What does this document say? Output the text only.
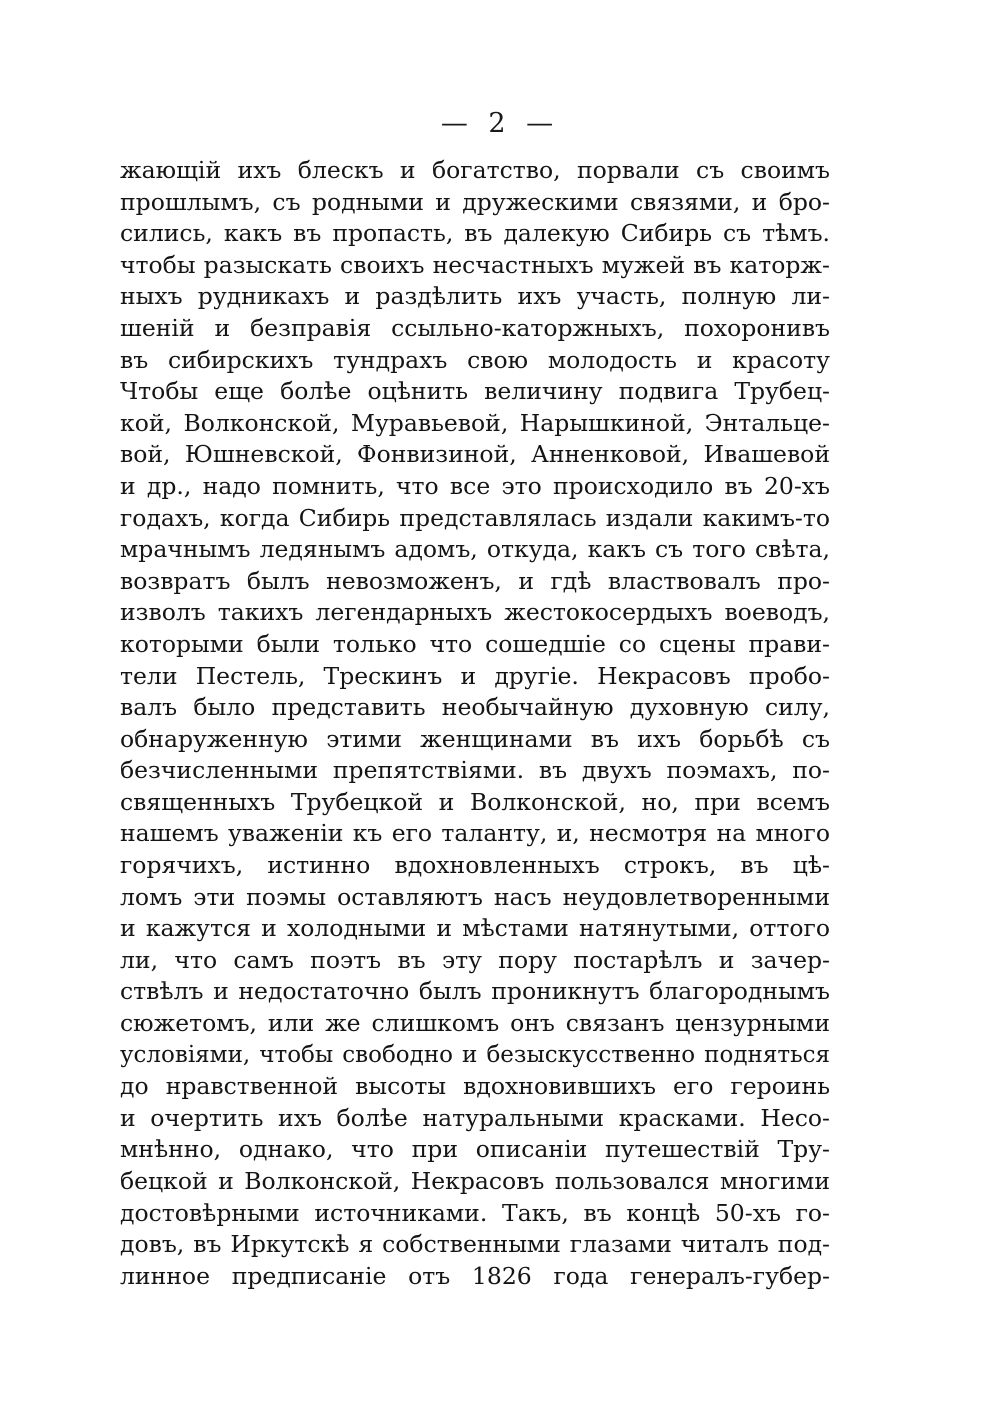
— 2 —
жающій ихъ блескъ и богатство, порвали съ своимъ
прошлымъ, съ родными и дружескими связями, и бро-
сились, какъ въ пропасть, въ далекую Сибирь съ тѣмъ.
чтобы разыскать своихъ несчастныхъ мужей въ каторж-
ныхъ рудникахъ и раздѣлить ихъ участь, полную ли-
шеній и безправія ссыльно-каторжныхъ, похоронивъ
въ сибирскихъ тундрахъ свою молодость и красоту
Чтобы еще болѣе оцѣнить величину подвига Трубец-
кой, Волконской, Муравьевой, Нарышкиной, Энтальце-
вой, Юшневской, Фонвизиной, Анненковой, Ивашевой
и др., надо помнить, что все это происходило въ 20-хъ
годахъ, когда Сибирь представлялась издали какимъ-то
мрачнымъ ледянымъ адомъ, откуда, какъ съ того свѣта,
возвратъ былъ невозможенъ, и гдѣ властвовалъ про-
изволъ такихъ легендарныхъ жестокосердыхъ воеводъ,
которыми были только что сошедшіе со сцены прави-
тели Пестель, Трескинъ и другіе. Некрасовъ пробо-
валъ было представить необычайную духовную силу,
обнаруженную этими женщинами въ ихъ борьбѣ съ
безчисленными препятствіями. въ двухъ поэмахъ, по-
священныхъ Трубецкой и Волконской, но, при всемъ
нашемъ уваженіи къ его таланту, и, несмотря на много
горячихъ, истинно вдохновленныхъ строкъ, въ цѣ-
ломъ эти поэмы оставляютъ насъ неудовлетворенными
и кажутся и холодными и мѣстами натянутыми, оттого
ли, что самъ поэтъ въ эту пору постарѣлъ и зачер-
ствѣлъ и недостаточно былъ проникнутъ благороднымъ
сюжетомъ, или же слишкомъ онъ связанъ цензурными
условіями, чтобы свободно и безыскусственно подняться
до нравственной высоты вдохновившихъ его героинь
и очертить ихъ болѣе натуральными красками. Несо-
мнѣнно, однако, что при описаніи путешествій Тру-
бецкой и Волконской, Некрасовъ пользовался многими
достовѣрными источниками. Такъ, въ концѣ 50-хъ го-
довъ, въ Иркутскѣ я собственными глазами читалъ под-
линное предписаніе отъ 1826 года генералъ-губер-
